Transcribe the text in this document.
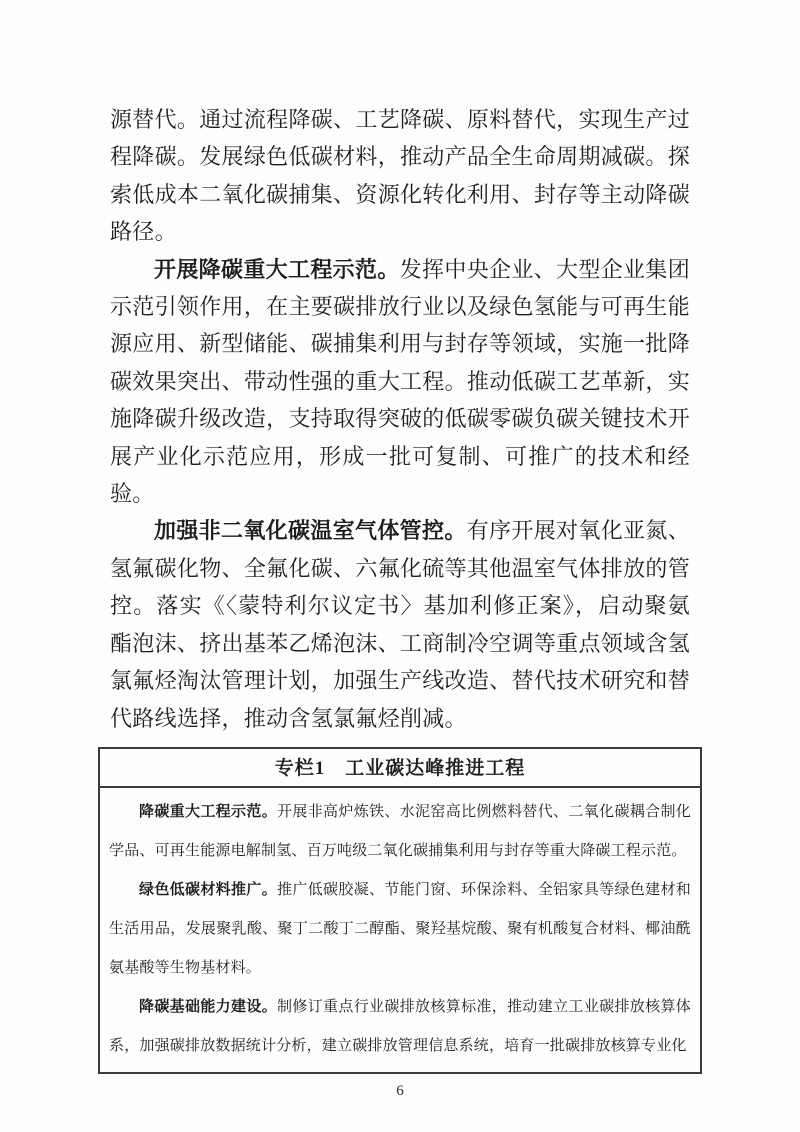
源替代。通过流程降碳、工艺降碳、原料替代，实现生产过程降碳。发展绿色低碳材料，推动产品全生命周期减碳。探索低成本二氧化碳捕集、资源化转化利用、封存等主动降碳路径。

开展降碳重大工程示范。发挥中央企业、大型企业集团示范引领作用，在主要碳排放行业以及绿色氢能与可再生能源应用、新型储能、碳捕集利用与封存等领域，实施一批降碳效果突出、带动性强的重大工程。推动低碳工艺革新，实施降碳升级改造，支持取得突破的低碳零碳负碳关键技术开展产业化示范应用，形成一批可复制、可推广的技术和经验。

加强非二氧化碳温室气体管控。有序开展对氧化亚氮、氢氟碳化物、全氟化碳、六氟化硫等其他温室气体排放的管控。落实《〈蒙特利尔议定书〉基加利修正案》，启动聚氨酯泡沫、挤出基苯乙烯泡沫、工商制冷空调等重点领域含氢氯氟烃淘汰管理计划，加强生产线改造、替代技术研究和替代路线选择，推动含氢氯氟烃削减。

专栏1　工业碳达峰推进工程

降碳重大工程示范。开展非高炉炼铁、水泥窑高比例燃料替代、二氧化碳耦合制化学品、可再生能源电解制氢、百万吨级二氧化碳捕集利用与封存等重大降碳工程示范。

绿色低碳材料推广。推广低碳胶凝、节能门窗、环保涂料、全铝家具等绿色建材和生活用品，发展聚乳酸、聚丁二酸丁二醇酯、聚羟基烷酸、聚有机酸复合材料、椰油酰氨基酸等生物基材料。

降碳基础能力建设。制修订重点行业碳排放核算标准，推动建立工业碳排放核算体系，加强碳排放数据统计分析，建立碳排放管理信息系统，培育一批碳排放核算专业化

6
